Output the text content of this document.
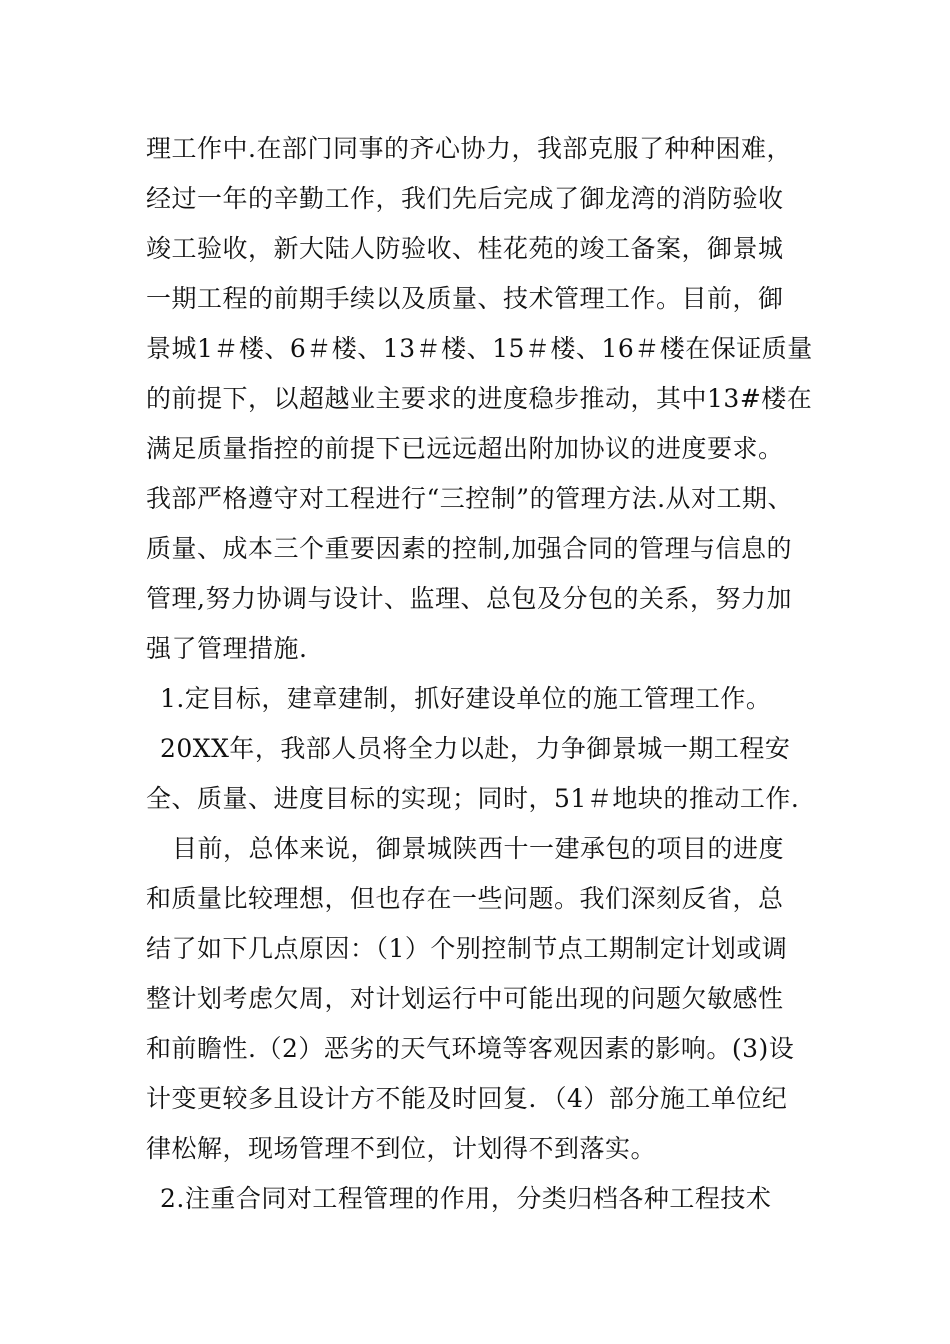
理工作中.在部门同事的齐心协力，我部克服了种种困难，

经过一年的辛勤工作，我们先后完成了御龙湾的消防验收

竣工验收，新大陆人防验收、桂花苑的竣工备案，御景城

一期工程的前期手续以及质量、技术管理工作。目前，御

景城1＃楼、6＃楼、13＃楼、15＃楼、16＃楼在保证质量

的前提下，以超越业主要求的进度稳步推动，其中13#楼在

满足质量指控的前提下已远远超出附加协议的进度要求。

我部严格遵守对工程进行“三控制”的管理方法.从对工期、

质量、成本三个重要因素的控制,加强合同的管理与信息的

管理,努力协调与设计、监理、总包及分包的关系，努力加

强了管理措施.

1.定目标，建章建制，抓好建设单位的施工管理工作。

20XX年，我部人员将全力以赴，力争御景城一期工程安

全、质量、进度目标的实现；同时，51＃地块的推动工作.

目前，总体来说，御景城陕西十一建承包的项目的进度

和质量比较理想，但也存在一些问题。我们深刻反省，总

结了如下几点原因：（1）个别控制节点工期制定计划或调

整计划考虑欠周，对计划运行中可能出现的问题欠敏感性

和前瞻性.（2）恶劣的天气环境等客观因素的影响。(3)设

计变更较多且设计方不能及时回复．（4）部分施工单位纪

律松解，现场管理不到位，计划得不到落实。

2.注重合同对工程管理的作用，分类归档各种工程技术
